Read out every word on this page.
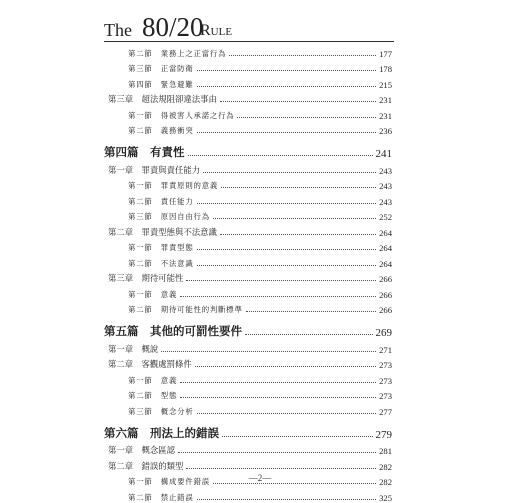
The 80/20
Rule
第二節　業務上之正當行為	177
第三節　正當防衛	178
第四節　緊急避難	215
第三章　超法規阻卻違法事由	231
第一節　得被害人承諾之行為	231
第二節　義務衝突	236
第四篇　有責性	241
第一章　罪責與責任能力	243
第一節　罪責原則的意義	243
第二節　責任能力	243
第三節　原因自由行為	252
第二章　罪責型態與不法意識	264
第一節　罪責型態	264
第二節　不法意識	264
第三章　期待可能性	266
第一節　意義	266
第二節　期待可能性的判斷標準	266
第五篇　其他的可罰性要件	269
第一章　概說	271
第二章　客觀處罰條件	273
第一節　意義	273
第二節　型態	273
第三節　概念分析	277
第六篇　刑法上的錯誤	279
第一章　概念區認	281
第二章　錯誤的類型	282
第一節　構成要件錯誤	282
第二節　禁止錯誤	325
—2—
